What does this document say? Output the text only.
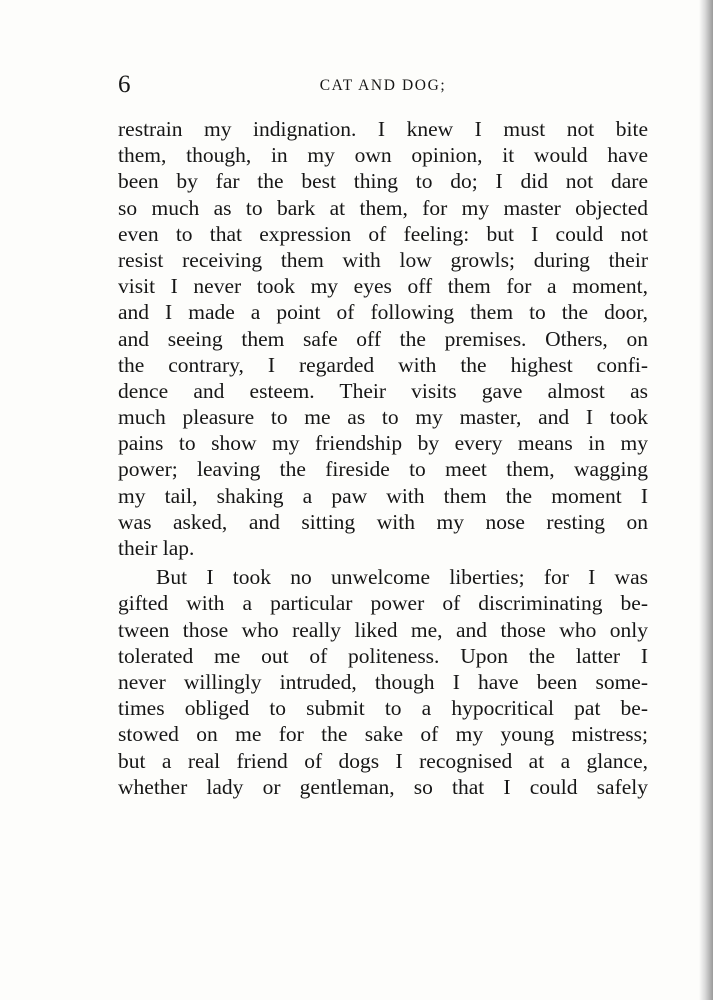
6	CAT AND DOG;
restrain my indignation. I knew I must not bite
them, though, in my own opinion, it would have
been by far the best thing to do; I did not dare
so much as to bark at them, for my master objected
even to that expression of feeling: but I could not
resist receiving them with low growls; during their
visit I never took my eyes off them for a moment,
and I made a point of following them to the door,
and seeing them safe off the premises. Others, on
the contrary, I regarded with the highest confi-
dence and esteem. Their visits gave almost as
much pleasure to me as to my master, and I took
pains to show my friendship by every means in my
power; leaving the fireside to meet them, wagging
my tail, shaking a paw with them the moment I
was asked, and sitting with my nose resting on
their lap.
But I took no unwelcome liberties; for I was
gifted with a particular power of discriminating be-
tween those who really liked me, and those who only
tolerated me out of politeness. Upon the latter I
never willingly intruded, though I have been some-
times obliged to submit to a hypocritical pat be-
stowed on me for the sake of my young mistress;
but a real friend of dogs I recognised at a glance,
whether lady or gentleman, so that I could safely
